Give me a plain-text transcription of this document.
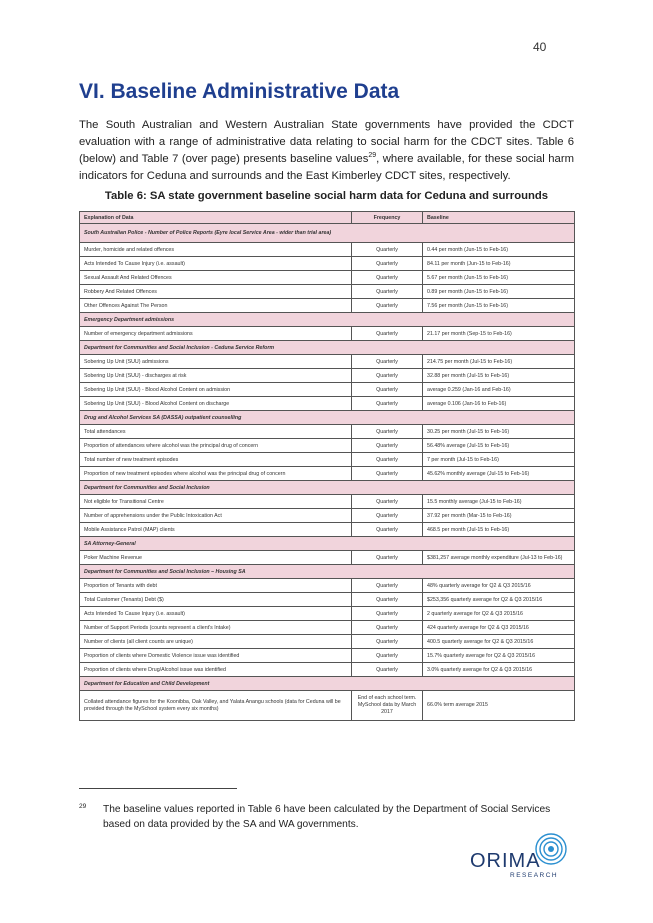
40
VI. Baseline Administrative Data

The South Australian and Western Australian State governments have provided the CDCT evaluation with a range of administrative data relating to social harm for the CDCT sites. Table 6 (below) and Table 7 (over page) presents baseline values$^{29}$, where available, for these social harm indicators for Ceduna and surrounds and the East Kimberley CDCT sites, respectively.

Table 6: SA state government baseline social harm data for Ceduna and surrounds

Explanation of Data	Frequency	Baseline
South Australian Police - Number of Police Reports (Eyre local Service Area - wider than trial area)		
Murder, homicide and related offences	Quarterly	0.44 per month (Jun-15 to Feb-16)
Acts Intended To Cause Injury (i.e. assault)	Quarterly	84.11 per month (Jun-15 to Feb-16)
Sexual Assault And Related Offences	Quarterly	5.67 per month (Jun-15 to Feb-16)
Robbery And Related Offences	Quarterly	0.89 per month (Jun-15 to Feb-16)
Other Offences Against The Person	Quarterly	7.56 per month (Jun-15 to Feb-16)
Emergency Department admissions		
Number of emergency department admissions	Quarterly	21.17 per month (Sep-15 to Feb-16)
Department for Communities and Social Inclusion - Ceduna Service Reform		
Sobering Up Unit (SUU) admissions	Quarterly	214.75 per month (Jul-15 to Feb-16)
Sobering Up Unit (SUU) - discharges at risk	Quarterly	32.88 per month (Jul-15 to Feb-16)
Sobering Up Unit (SUU) - Blood Alcohol Content on admission	Quarterly	average 0.259 (Jan-16 and Feb-16)
Sobering Up Unit (SUU) - Blood Alcohol Content on discharge	Quarterly	average 0.106 (Jan-16 to Feb-16)
Drug and Alcohol Services SA (DASSA) outpatient counselling		
Total attendances	Quarterly	30.25 per month (Jul-15 to Feb-16)
Proportion of attendances where alcohol was the principal drug of concern	Quarterly	56.48% average (Jul-15 to Feb-16)
Total number of new treatment episodes	Quarterly	7 per month (Jul-15 to Feb-16)
Proportion of new treatment episodes where alcohol was the principal drug of concern	Quarterly	45.62% monthly average (Jul-15 to Feb-16)
Department for Communities and Social Inclusion		
Not eligible for Transitional Centre	Quarterly	15.5 monthly average (Jul-15 to Feb-16)
Number of apprehensions under the Public Intoxication Act	Quarterly	37.92 per month (Mar-15 to Feb-16)
Mobile Assistance Patrol (MAP) clients	Quarterly	468.5 per month (Jul-15 to Feb-16)
SA Attorney-General		
Poker Machine Revenue	Quarterly	$381,257 average monthly expenditure (Jul-13 to Feb-16)
Department for Communities and Social Inclusion – Housing SA		
Proportion of Tenants with debt	Quarterly	48% quarterly average for Q2 & Q3 2015/16
Total Customer (Tenants) Debt ($)	Quarterly	$253,356 quarterly average for Q2 & Q3 2015/16
Acts Intended To Cause Injury (i.e. assault)	Quarterly	2 quarterly average for Q2 & Q3 2015/16
Number of Support Periods (counts represent a client's Intake)	Quarterly	424 quarterly average for Q2 & Q3 2015/16
Number of clients (all client counts are unique)	Quarterly	400.5 quarterly average for Q2 & Q3 2015/16
Proportion of clients where Domestic Violence issue was identified	Quarterly	15.7% quarterly average for Q2 & Q3 2015/16
Proportion of clients where Drug/Alcohol issue was identified	Quarterly	3.0% quarterly average for Q2 & Q3 2015/16
Department for Education and Child Development		
Collated attendance figures for the Koonibba, Oak Valley, and Yalata Anangu schools (data for Ceduna will be provided through the MySchool system every six months)	End of each school term. MySchool data by March 2017	66.0% term average 2015

29 The baseline values reported in Table 6 have been calculated by the Department of Social Services based on data provided by the SA and WA governments.

ORIMA
RESEARCH
